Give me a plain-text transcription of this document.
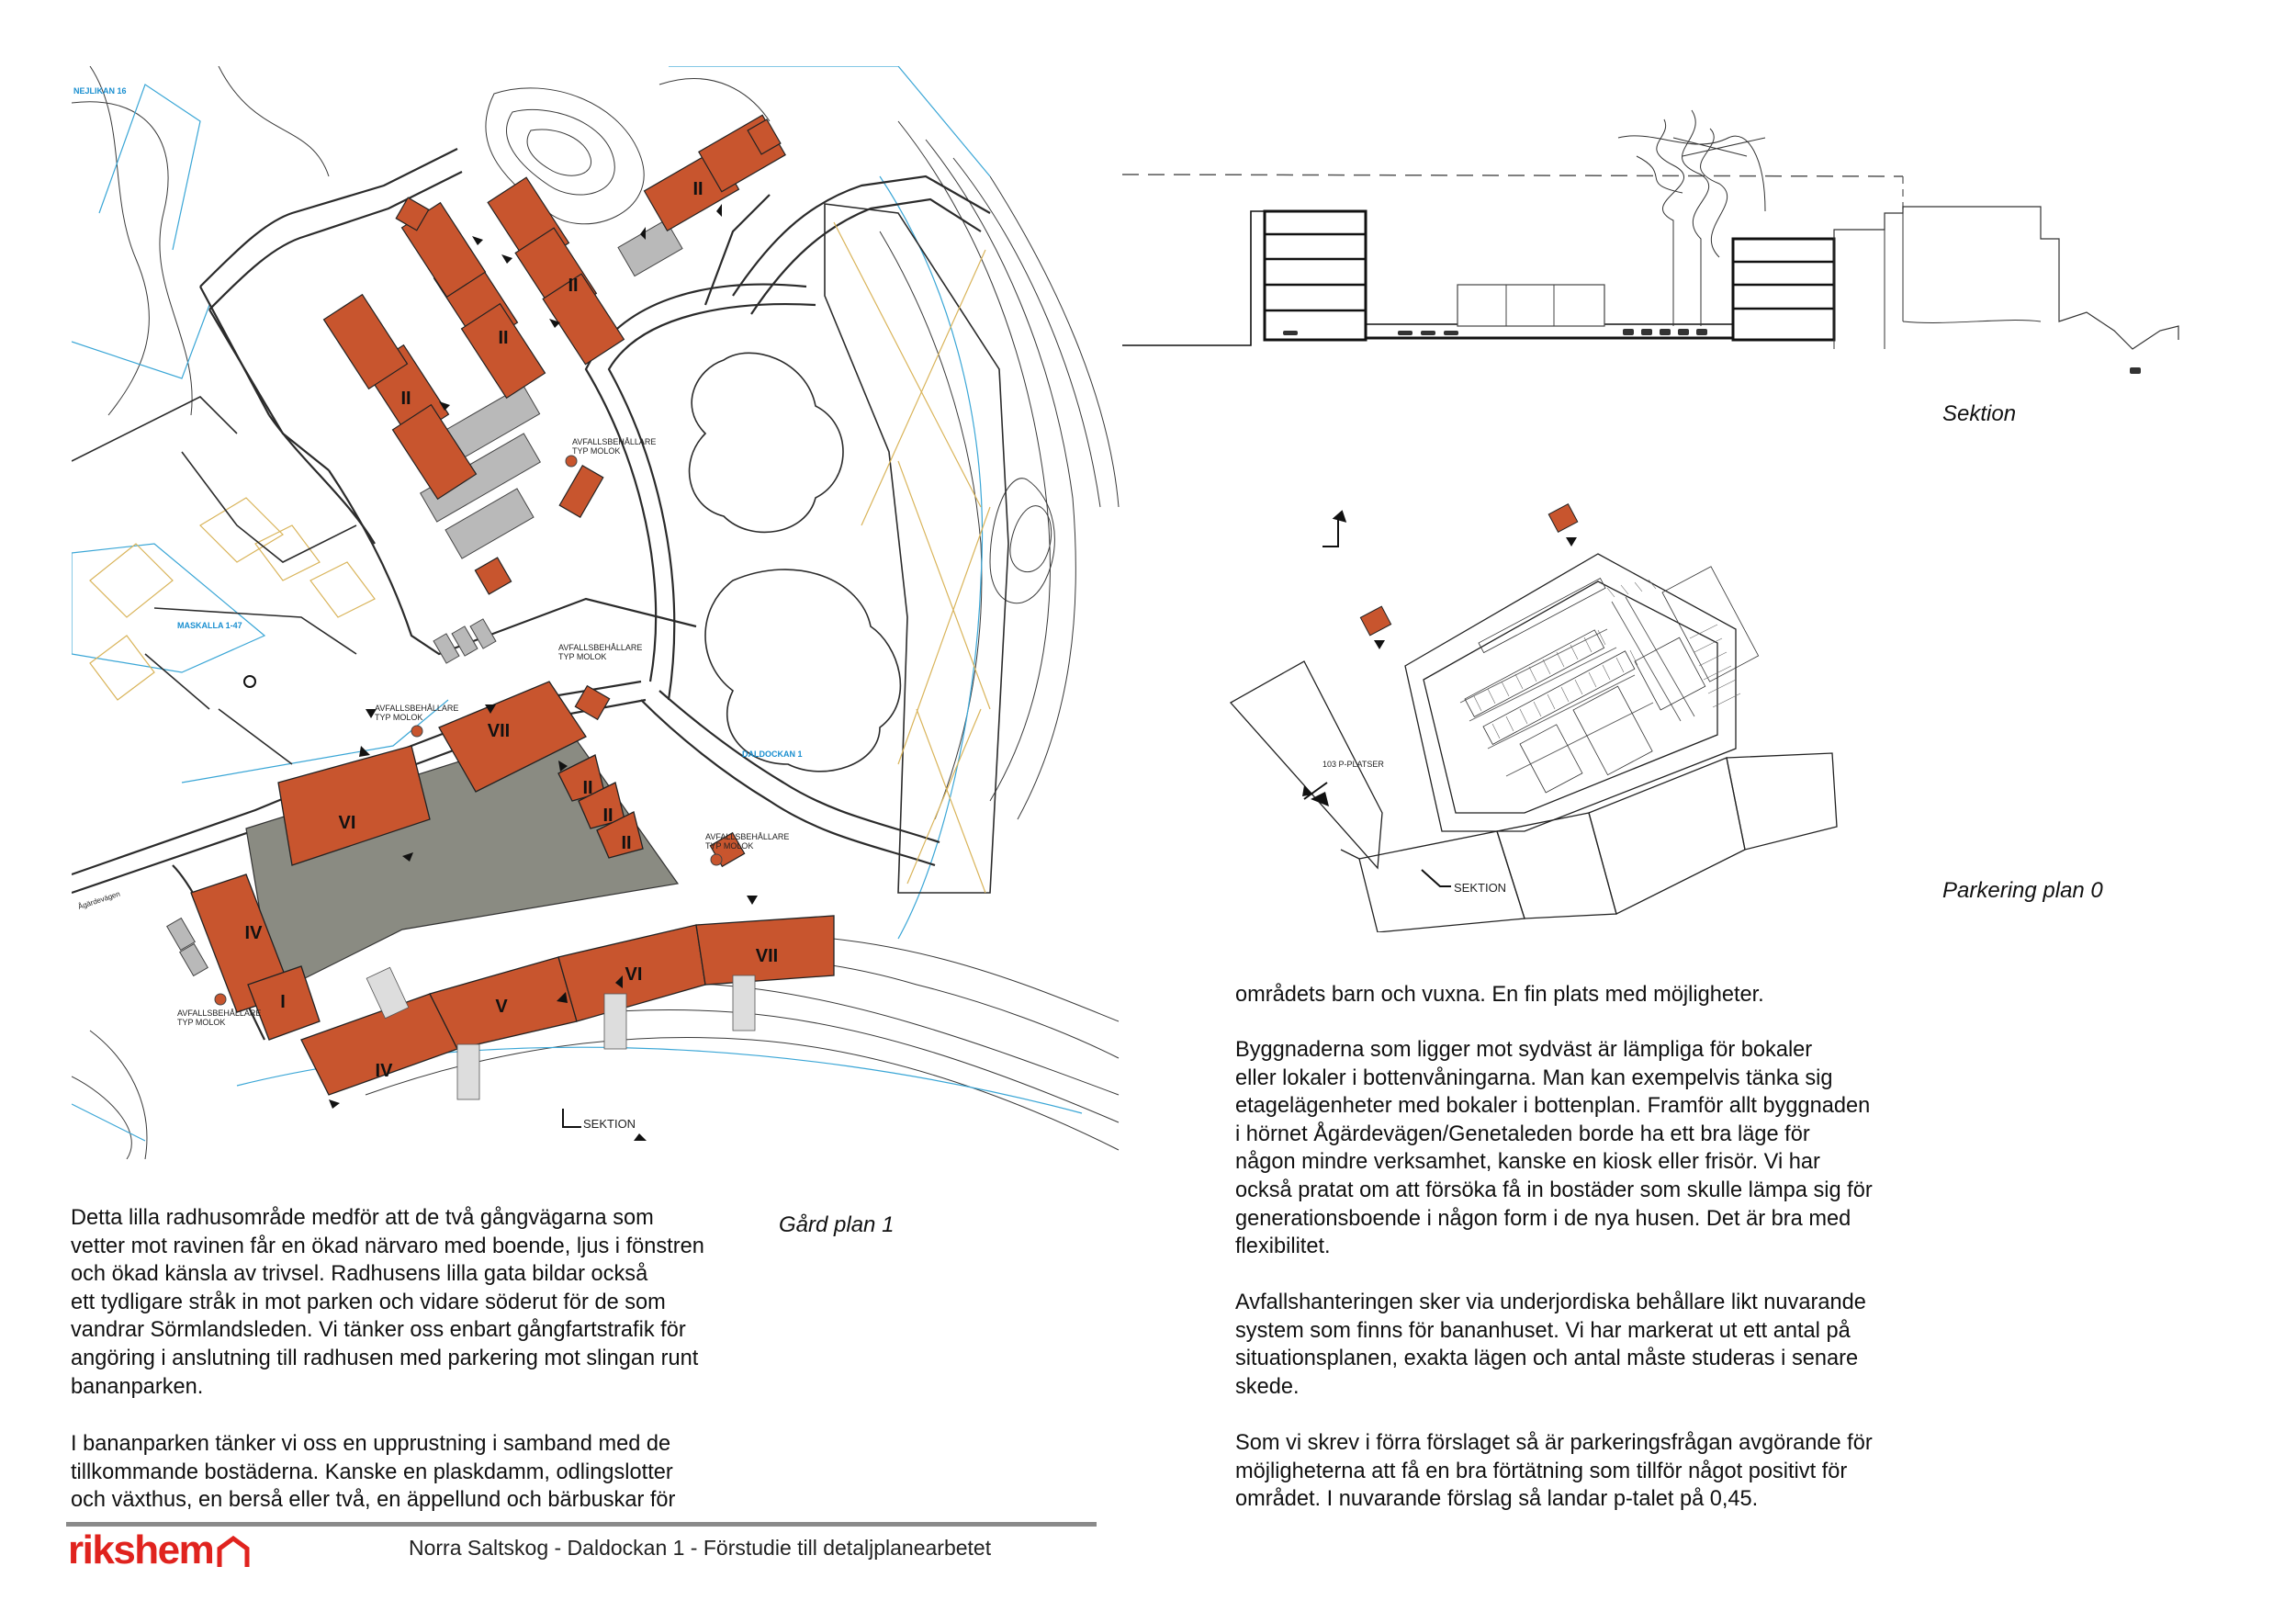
II
II
II
II
VII
VI
II
II
II
IV
I
IV
V
VI
VII
NEJLIKAN 16
MASKALLA 1-47
DALDOCKAN 1
Ågärdevägen
AVFALLSBEHÅLLARE
TYP MOLOK
AVFALLSBEHÅLLARE
TYP MOLOK
AVFALLSBEHÅLLARE
TYP MOLOK
AVFALLSBEHÅLLARE
TYP MOLOK
AVFALLSBEHÅLLARE
TYP MOLOK
SEKTION
Sektion
103 P-PLATSER
SEKTION	Parkering plan 0
Gård plan 1
Detta lilla radhusområde medför att de två gångvägarna som
vetter mot ravinen får en ökad närvaro med boende, ljus i fönstren
och ökad känsla av trivsel. Radhusens lilla gata bildar också
ett tydligare stråk in mot parken och vidare söderut för de som
vandrar Sörmlandsleden. Vi tänker oss enbart gångfartstrafik för
angöring i anslutning till radhusen med parkering mot slingan runt
bananparken.
I bananparken tänker vi oss en upprustning i samband med de
tillkommande bostäderna. Kanske en plaskdamm, odlingslotter
och växthus, en berså eller två, en äppellund och bärbuskar för
områdets barn och vuxna. En fin plats med möjligheter.
Byggnaderna som ligger mot sydväst är lämpliga för bokaler
eller lokaler i bottenvåningarna. Man kan exempelvis tänka sig
etagelägenheter med bokaler i bottenplan. Framför allt byggnaden
i hörnet Ågärdevägen/Genetaleden borde ha ett bra läge för
någon mindre verksamhet, kanske en kiosk eller frisör. Vi har
också pratat om att försöka få in bostäder som skulle lämpa sig för
generationsboende i någon form i de nya husen. Det är bra med
flexibilitet.
Avfallshanteringen sker via underjordiska behållare likt nuvarande
system som finns för bananhuset. Vi har markerat ut ett antal på
situationsplanen, exakta lägen och antal måste studeras i senare
skede.
Som vi skrev i förra förslaget så är parkeringsfrågan avgörande för
möjligheterna att få en bra förtätning som tillför något positivt för
området. I nuvarande förslag så landar p-talet på 0,45.
rikshem	Norra Saltskog - Daldockan 1 - Förstudie till detaljplanearbetet
